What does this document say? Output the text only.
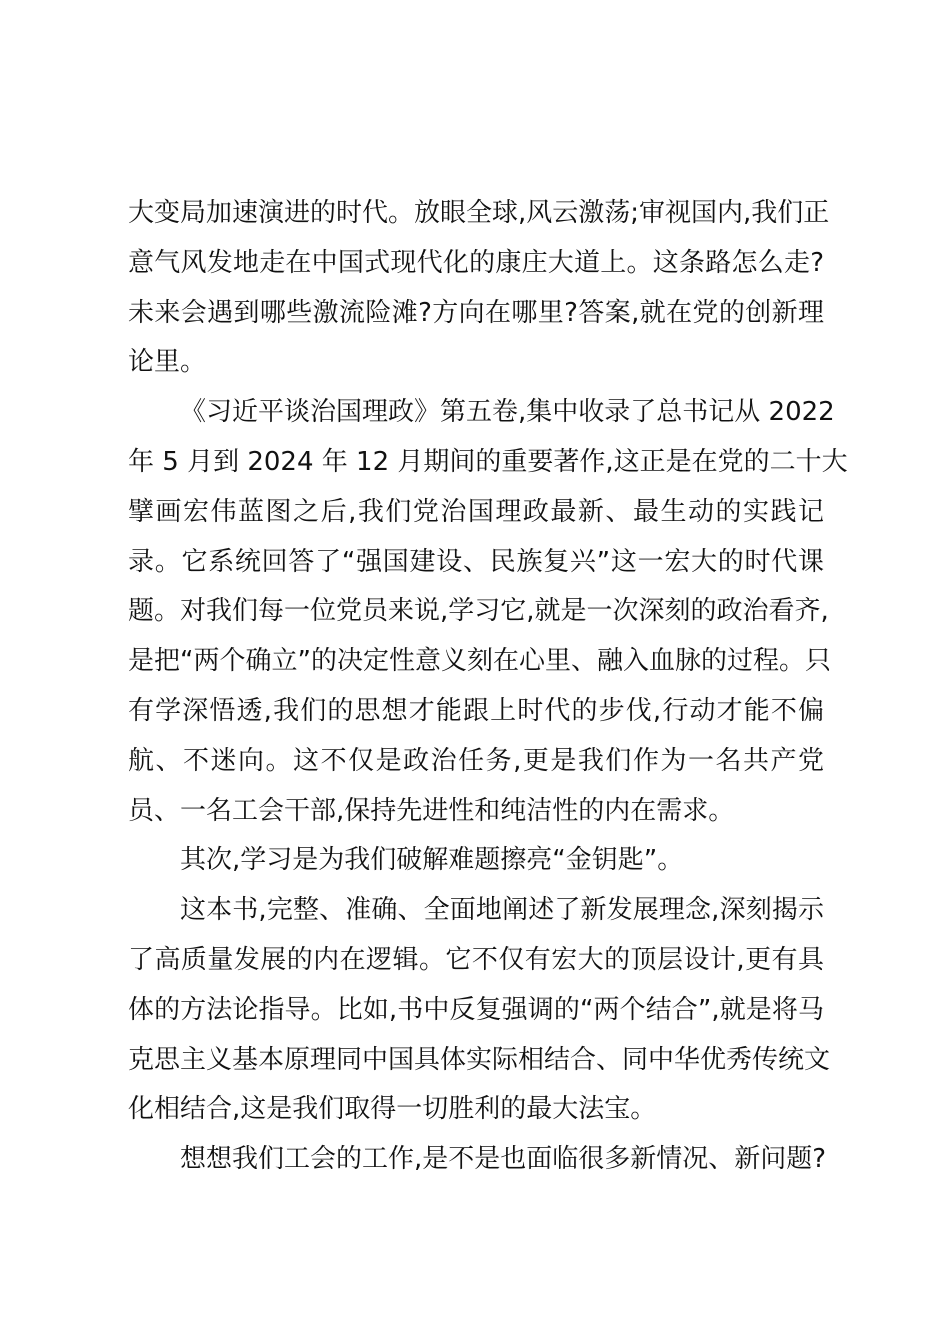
大变局加速演进的时代。放眼全球,风云激荡;审视国内,我们正
意气风发地走在中国式现代化的康庄大道上。这条路怎么走?
未来会遇到哪些激流险滩?方向在哪里?答案,就在党的创新理
论里。
《习近平谈治国理政》第五卷,集中收录了总书记从 2022
年 5 月到 2024 年 12 月期间的重要著作,这正是在党的二十大
擘画宏伟蓝图之后,我们党治国理政最新、最生动的实践记
录。它系统回答了“强国建设、民族复兴”这一宏大的时代课
题。对我们每一位党员来说,学习它,就是一次深刻的政治看齐,
是把“两个确立”的决定性意义刻在心里、融入血脉的过程。只
有学深悟透,我们的思想才能跟上时代的步伐,行动才能不偏
航、不迷向。这不仅是政治任务,更是我们作为一名共产党
员、一名工会干部,保持先进性和纯洁性的内在需求。
其次,学习是为我们破解难题擦亮“金钥匙”。
这本书,完整、准确、全面地阐述了新发展理念,深刻揭示
了高质量发展的内在逻辑。它不仅有宏大的顶层设计,更有具
体的方法论指导。比如,书中反复强调的“两个结合”,就是将马
克思主义基本原理同中国具体实际相结合、同中华优秀传统文
化相结合,这是我们取得一切胜利的最大法宝。
想想我们工会的工作,是不是也面临很多新情况、新问题?
